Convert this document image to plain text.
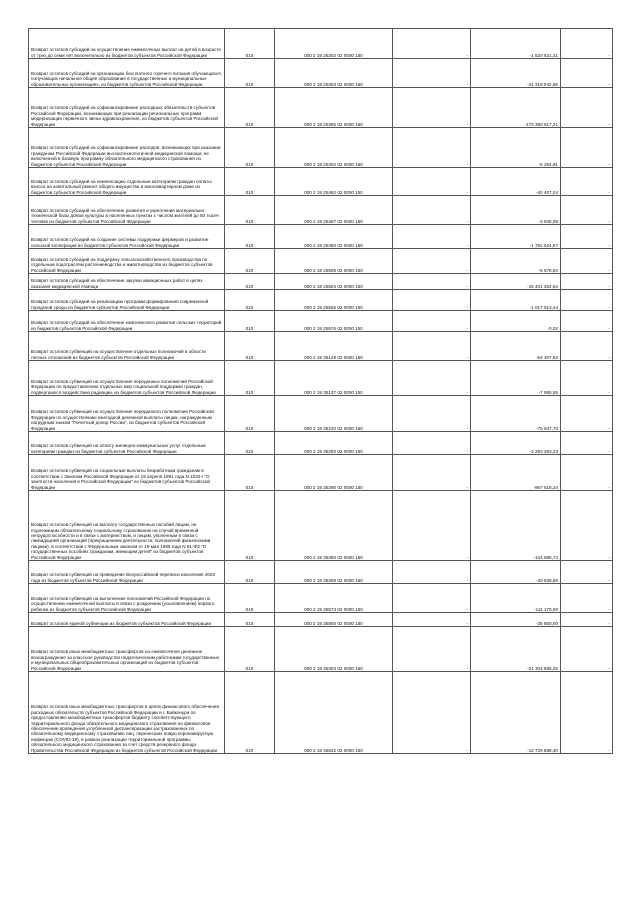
Возврат остатков субсидий на осуществление ежемесячных выплат на детей в возрасте от трех до семи лет включительно из бюджетов субъектов Российской Федерации	010	000 2 19 25302 02 0000 150	-	-1 520 621,31	-
Возврат остатков субсидий на организацию бесплатного горячего питания обучающихся, получающих начальное общее образование в государственных и муниципальных образовательных организациях, из бюджетов субъектов Российской Федерации	010	000 2 19 25304 02 0000 150	-	-41 319 042,65	-
Возврат остатков субсидий на софинансирование расходных обязательств субъектов Российской Федерации, возникающих при реализации региональных программ модернизации первичного звена здравоохранения, из бюджетов субъектов Российской Федерации	010	000 2 19 25365 02 0000 150	-	-173 380 517,21	-
Возврат остатков субсидий на софинансирование расходов, возникающих при оказании гражданам Российской Федерации высокотехнологичной медицинской помощи, не включенной в базовую программу обязательного медицинского страхования из бюджетов субъектов Российской Федерации	010	000 2 19 25402 02 0000 150	-	-6 254,91	-
Возврат остатков субсидий на компенсацию отдельным категориям граждан оплаты взноса на капитальный ремонт общего имущества в многоквартирном доме из бюджетов субъектов Российской Федерации	010	000 2 19 25462 02 0000 150	-	-40 407,04	-
Возврат остатков субсидий на обеспечение развития и укрепления материально-технической базы домов культуры в населенных пунктах с числом жителей до 50 тысяч человек из бюджетов субъектов Российской Федерации	010	000 2 19 25467 02 0000 150	-	-3 946,09	-
Возврат остатков субсидий на создание системы поддержки фермеров и развитие сельской кооперации из бюджетов субъектов Российской Федерации	010	000 2 19 25480 02 0000 150	-	-1 782 624,67	-
Возврат остатков субсидий на поддержку сельскохозяйственного производства по отдельным подотраслям растениеводства и животноводства из бюджетов субъектов Российской Федерации	010	000 2 19 25508 02 0000 150	-	-5 578,84	-
Возврат остатков субсидий на обеспечение закупки авиационных работ в целях оказания медицинской помощи	010	000 2 19 25554 02 0000 150	-	-15 401 364,64	-
Возврат остатков субсидий на реализацию программ формирования современной городской среды из бюджетов субъектов Российской Федерации	010	000 2 19 25555 02 0000 150	-	-1 017 913,44	-
Возврат остатков субсидий на обеспечение комплексного развития сельских территорий из бюджетов субъектов Российской Федерации	010	000 2 19 25576 02 0000 150	-	-0,02	-
Возврат остатков субвенций на осуществление отдельных полномочий в области лесных отношений из бюджетов субъектов Российской Федерации	010	000 2 19 35129 02 0000 150	-	-54 307,82	-
Возврат остатков субвенций на осуществление переданных полномочий Российской Федерации по предоставлению отдельных мер социальной поддержки граждан, подвергшихся воздействию радиации, из бюджетов субъектов Российской Федерации	010	000 2 19 35137 02 0000 150	-	-7 955,55	-
Возврат остатков субвенций на осуществление переданного полномочия Российской Федерации по осуществлению ежегодной денежной выплаты лицам, награжденным нагрудным знаком "Почетный донор России", из бюджетов субъектов Российской Федерации	010	000 2 19 35220 02 0000 150	-	-75 547,70	-
Возврат остатков субвенций на оплату жилищно-коммунальных услуг отдельным категориям граждан из бюджетов субъектов Российской Федерации	010	000 2 19 35250 02 0000 150	-	-3 293 253,23	-
Возврат остатков субвенций на социальные выплаты безработным гражданам в соответствии с Законом Российской Федерации от 19 апреля 1991 года N 1032-I "О занятости населения в Российской Федерации" из бюджетов субъектов Российской Федерации	010	000 2 19 35290 02 0000 150	-	-967 518,24	-
Возврат остатков субвенций на выплату государственных пособий лицам, не подлежащим обязательному социальному страхованию на случай временной нетрудоспособности и в связи с материнством, и лицам, уволенным в связи с ликвидацией организаций (прекращением деятельности, полномочий физическими лицами), в соответствии с Федеральным законом от 19 мая 1995 года N 81-ФЗ "О государственных пособиях гражданам, имеющим детей" из бюджетов субъектов Российской Федерации	010	000 2 19 35380 02 0000 150	-	-144 985,74	-
Возврат остатков субвенций на проведение Всероссийской переписи населения 2020 года из бюджетов субъектов Российской Федерации	010	000 2 19 35469 02 0000 150	-	-20 539,90	-
Возврат остатков субвенций на выполнение полномочий Российской Федерации по осуществлению ежемесячной выплаты в связи с рождением (усыновлением) первого ребенка из бюджетов субъектов Российской Федерации	010	000 2 19 35573 02 0000 150	-	-111 170,00	-
Возврат остатков единой субвенции из бюджетов субъектов Российской Федерации	010	000 2 19 35900 02 0000 150	-	-35 800,00	-
Возврат остатков иных межбюджетных трансфертов на ежемесячное денежное вознаграждение за классное руководство педагогическим работникам государственных и муниципальных общеобразовательных организаций из бюджетов субъектов Российской Федерации	010	000 2 19 45303 02 0000 150	-	-21 304 695,25	-
Возврат остатков иных межбюджетных трансфертов в целях финансового обеспечения расходных обязательств субъектов Российской Федерации и г. Байконура по предоставлению межбюджетных трансфертов бюджету соответствующего территориального фонда обязательного медицинского страхования на финансовое обеспечение проведения углубленной диспансеризации застрахованных по обязательному медицинскому страхованию лиц, перенесших новую коронавирусную инфекцию (COVID-19), в рамках реализации территориальной программы обязательного медицинского страхования за счет средств резервного фонда Правительства Российской Федерации из бюджетов субъектов Российской Федерации	010	000 2 19 45622 02 0000 150	-	-12 729 588,40	-
